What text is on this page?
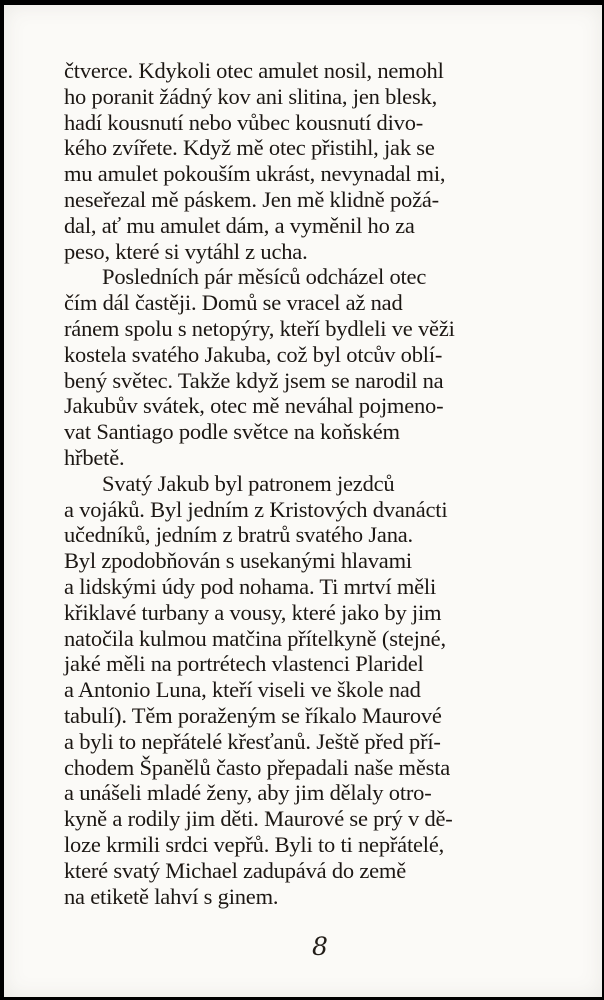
čtverce. Kdykoli otec amulet nosil, nemohl
ho poranit žádný kov ani slitina, jen blesk,
hadí kousnutí nebo vůbec kousnutí divo-
kého zvířete. Když mě otec přistihl, jak se
mu amulet pokouším ukrást, nevynadal mi,
neseřezal mě páskem. Jen mě klidně požá-
dal, ať mu amulet dám, a vyměnil ho za
peso, které si vytáhl z ucha.
Posledních pár měsíců odcházel otec
čím dál častěji. Domů se vracel až nad
ránem spolu s netopýry, kteří bydleli ve věži
kostela svatého Jakuba, což byl otcův oblí-
bený světec. Takže když jsem se narodil na
Jakubův svátek, otec mě neváhal pojmeno-
vat Santiago podle světce na koňském
hřbetě.
Svatý Jakub byl patronem jezdců
a vojáků. Byl jedním z Kristových dvanácti
učedníků, jedním z bratrů svatého Jana.
Byl zpodobňován s usekanými hlavami
a lidskými údy pod nohama. Ti mrtví měli
křiklavé turbany a vousy, které jako by jim
natočila kulmou matčina přítelkyně (stejné,
jaké měli na portrétech vlastenci Plaridel
a Antonio Luna, kteří viseli ve škole nad
tabulí). Těm poraženým se říkalo Maurové
a byli to nepřátelé křesťanů. Ještě před pří-
chodem Španělů často přepadali naše města
a unášeli mladé ženy, aby jim dělaly otro-
kyně a rodily jim děti. Maurové se prý v dě-
loze krmili srdci vepřů. Byli to ti nepřátelé,
které svatý Michael zadupává do země
na etiketě lahví s ginem.
8
